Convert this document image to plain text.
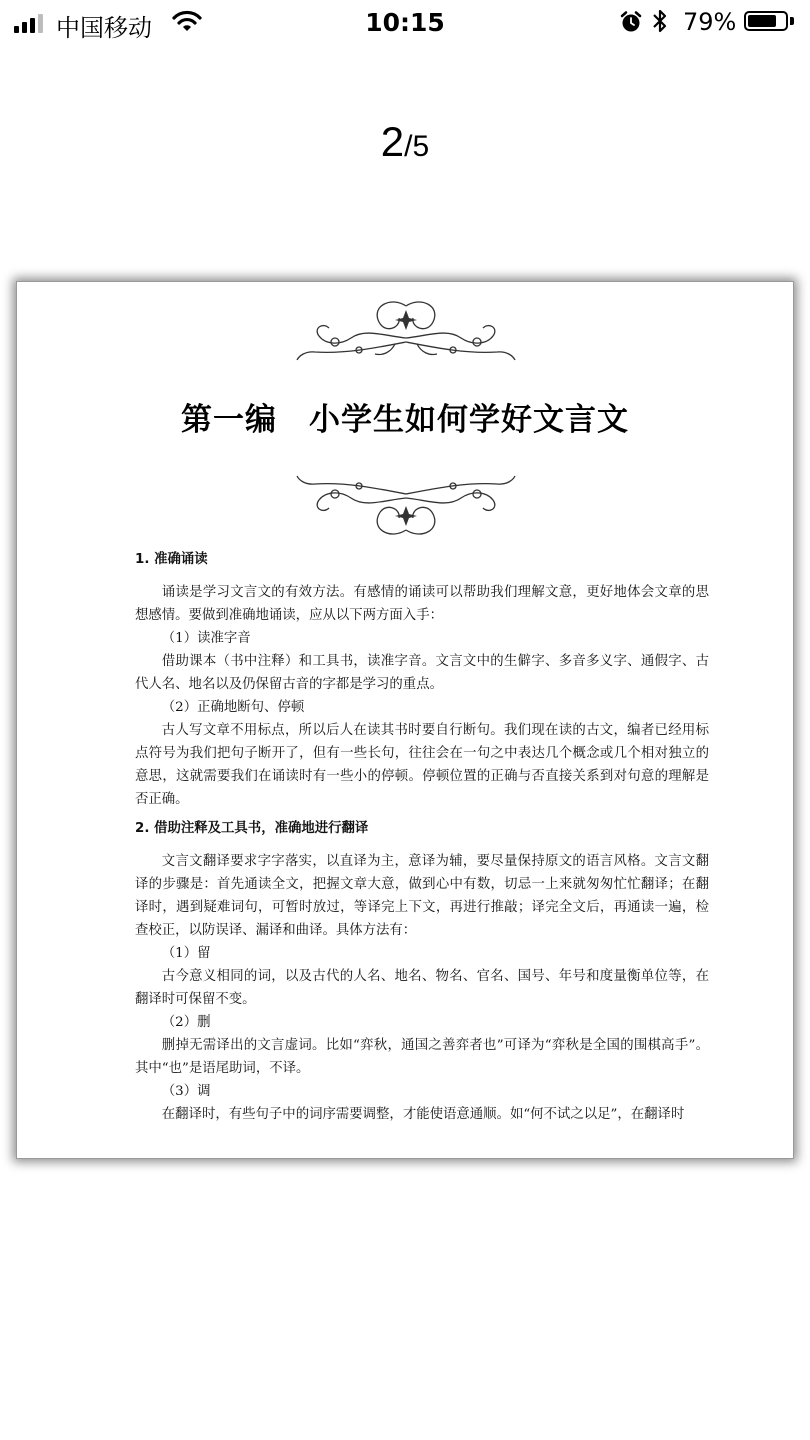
中国移动	10:15	79%
2/5
第一编　小学生如何学好文言文
1. 准确诵读

诵读是学习文言文的有效方法。有感情的诵读可以帮助我们理解文意，更好地体会文章的思想感情。要做到准确地诵读，应从以下两方面入手：

（1）读准字音

借助课本（书中注释）和工具书，读准字音。文言文中的生僻字、多音多义字、通假字、古代人名、地名以及仍保留古音的字都是学习的重点。

（2）正确地断句、停顿

古人写文章不用标点，所以后人在读其书时要自行断句。我们现在读的古文，编者已经用标点符号为我们把句子断开了，但有一些长句，往往会在一句之中表达几个概念或几个相对独立的意思，这就需要我们在诵读时有一些小的停顿。停顿位置的正确与否直接关系到对句意的理解是否正确。

2. 借助注释及工具书，准确地进行翻译

文言文翻译要求字字落实，以直译为主，意译为辅，要尽量保持原文的语言风格。文言文翻译的步骤是：首先通读全文，把握文章大意，做到心中有数，切忌一上来就匆匆忙忙翻译；在翻译时，遇到疑难词句，可暂时放过，等译完上下文，再进行推敲；译完全文后，再通读一遍，检查校正，以防误译、漏译和曲译。具体方法有：

（1）留

古今意义相同的词，以及古代的人名、地名、物名、官名、国号、年号和度量衡单位等，在翻译时可保留不变。

（2）删

删掉无需译出的文言虚词。比如“弈秋，通国之善弈者也”可译为“弈秋是全国的围棋高手”。其中“也”是语尾助词，不译。

（3）调

在翻译时，有些句子中的词序需要调整，才能使语意通顺。如“何不试之以足”，在翻译时
